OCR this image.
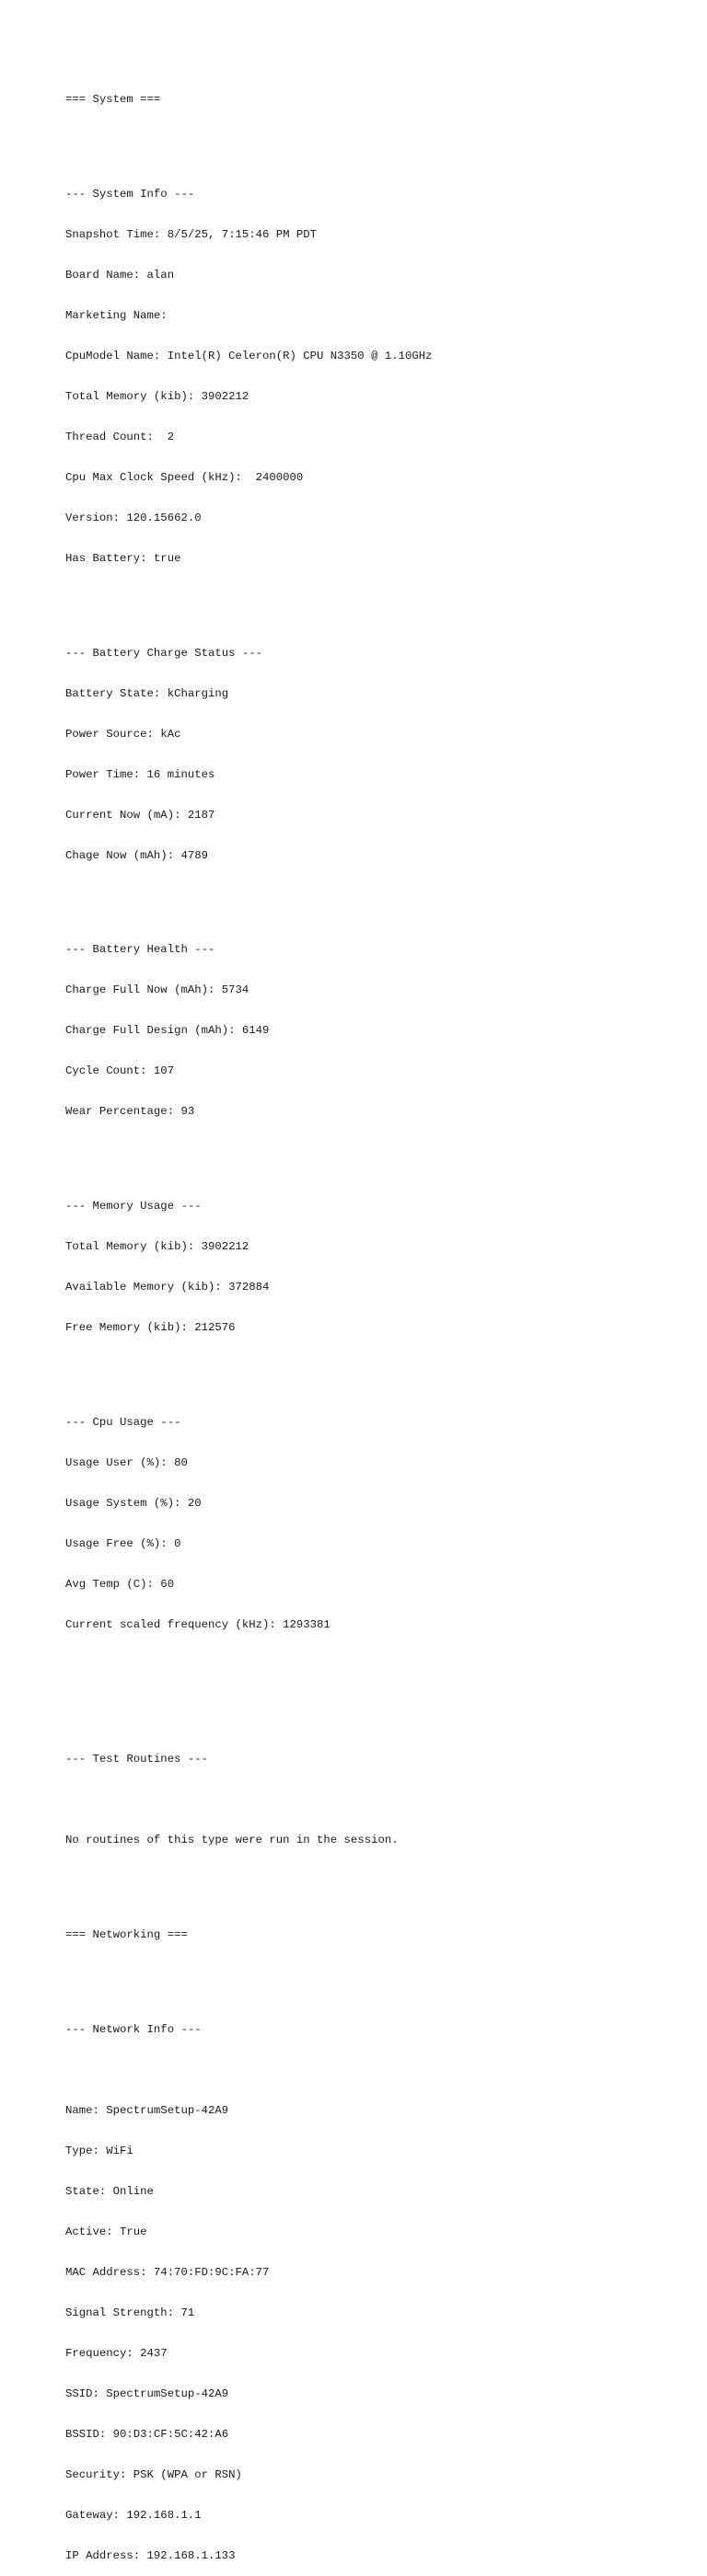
=== System ===

--- System Info ---

Snapshot Time: 8/5/25, 7:15:46 PM PDT

Board Name: alan

Marketing Name:

CpuModel Name: Intel(R) Celeron(R) CPU N3350 @ 1.10GHz

Total Memory (kib): 3902212

Thread Count:  2

Cpu Max Clock Speed (kHz):  2400000

Version: 120.15662.0

Has Battery: true

--- Battery Charge Status ---

Battery State: kCharging

Power Source: kAc

Power Time: 16 minutes

Current Now (mA): 2187

Chage Now (mAh): 4789

--- Battery Health ---

Charge Full Now (mAh): 5734

Charge Full Design (mAh): 6149

Cycle Count: 107

Wear Percentage: 93

--- Memory Usage ---

Total Memory (kib): 3902212

Available Memory (kib): 372884

Free Memory (kib): 212576

--- Cpu Usage ---

Usage User (%): 80

Usage System (%): 20

Usage Free (%): 0

Avg Temp (C): 60

Current scaled frequency (kHz): 1293381

--- Test Routines ---

No routines of this type were run in the session.

=== Networking ===

--- Network Info ---

Name: SpectrumSetup-42A9

Type: WiFi

State: Online

Active: True

MAC Address: 74:70:FD:9C:FA:77

Signal Strength: 71

Frequency: 2437

SSID: SpectrumSetup-42A9

BSSID: 90:D3:CF:5C:42:A6

Security: PSK (WPA or RSN)

Gateway: 192.168.1.1

IP Address: 192.168.1.133
